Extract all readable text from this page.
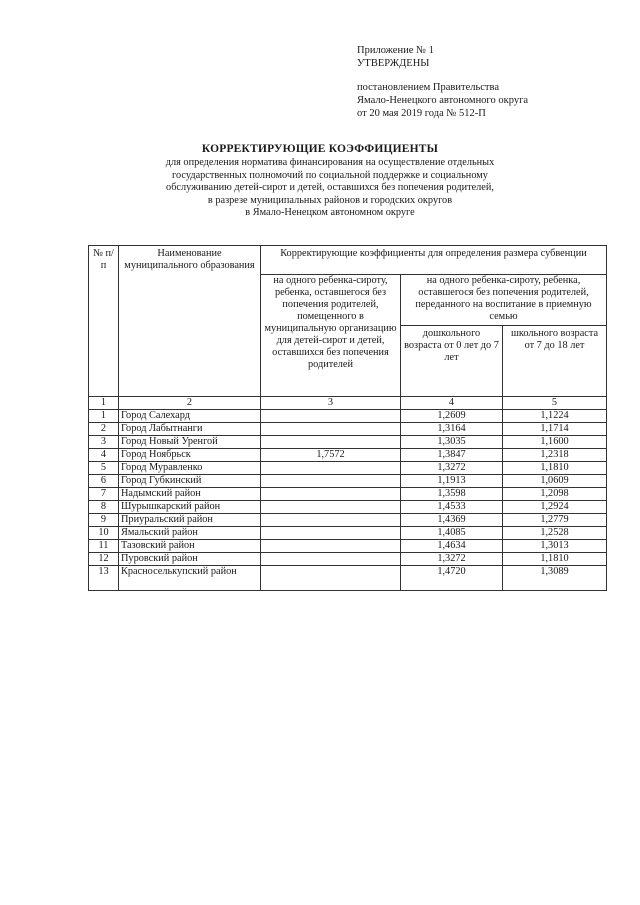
Приложение № 1
УТВЕРЖДЕНЫ
постановлением Правительства
Ямало-Ненецкого автономного округа
от 20 мая 2019 года № 512-П
КОРРЕКТИРУЮЩИЕ КОЭФФИЦИЕНТЫ
для определения норматива финансирования на осуществление отдельных
государственных полномочий по социальной поддержке и социальному
обслуживанию детей-сирот и детей, оставшихся без попечения родителей,
в разрезе муниципальных районов и городских округов
в Ямало-Ненецком автономном округе
№ п/п	Наименование муниципального образования	Корректирующие коэффициенты для определения размера субвенции		
		на одного ребенка-сироту, ребенка, оставшегося без попечения родителей, помещенного в муниципальную организацию для детей-сирот и детей, оставшихся без попечения родителей	на одного ребенка-сироту, ребенка, оставшегося без попечения родителей, переданного на воспитание в приемную семью	
			дошкольного возраста от 0 лет до 7 лет	школьного возраста от 7 до 18 лет
1	2	3	4	5
1	Город Салехард		1,2609	1,1224
2	Город Лабытнанги		1,3164	1,1714
3	Город Новый Уренгой		1,3035	1,1600
4	Город Ноябрьск	1,7572	1,3847	1,2318
5	Город Муравленко		1,3272	1,1810
6	Город Губкинский		1,1913	1,0609
7	Надымский район		1,3598	1,2098
8	Шурышкарский район		1,4533	1,2924
9	Приуральский район		1,4369	1,2779
10	Ямальский район		1,4085	1,2528
11	Тазовский район		1,4634	1,3013
12	Пуровский район		1,3272	1,1810
13	Красноселькупский район		1,4720	1,3089
